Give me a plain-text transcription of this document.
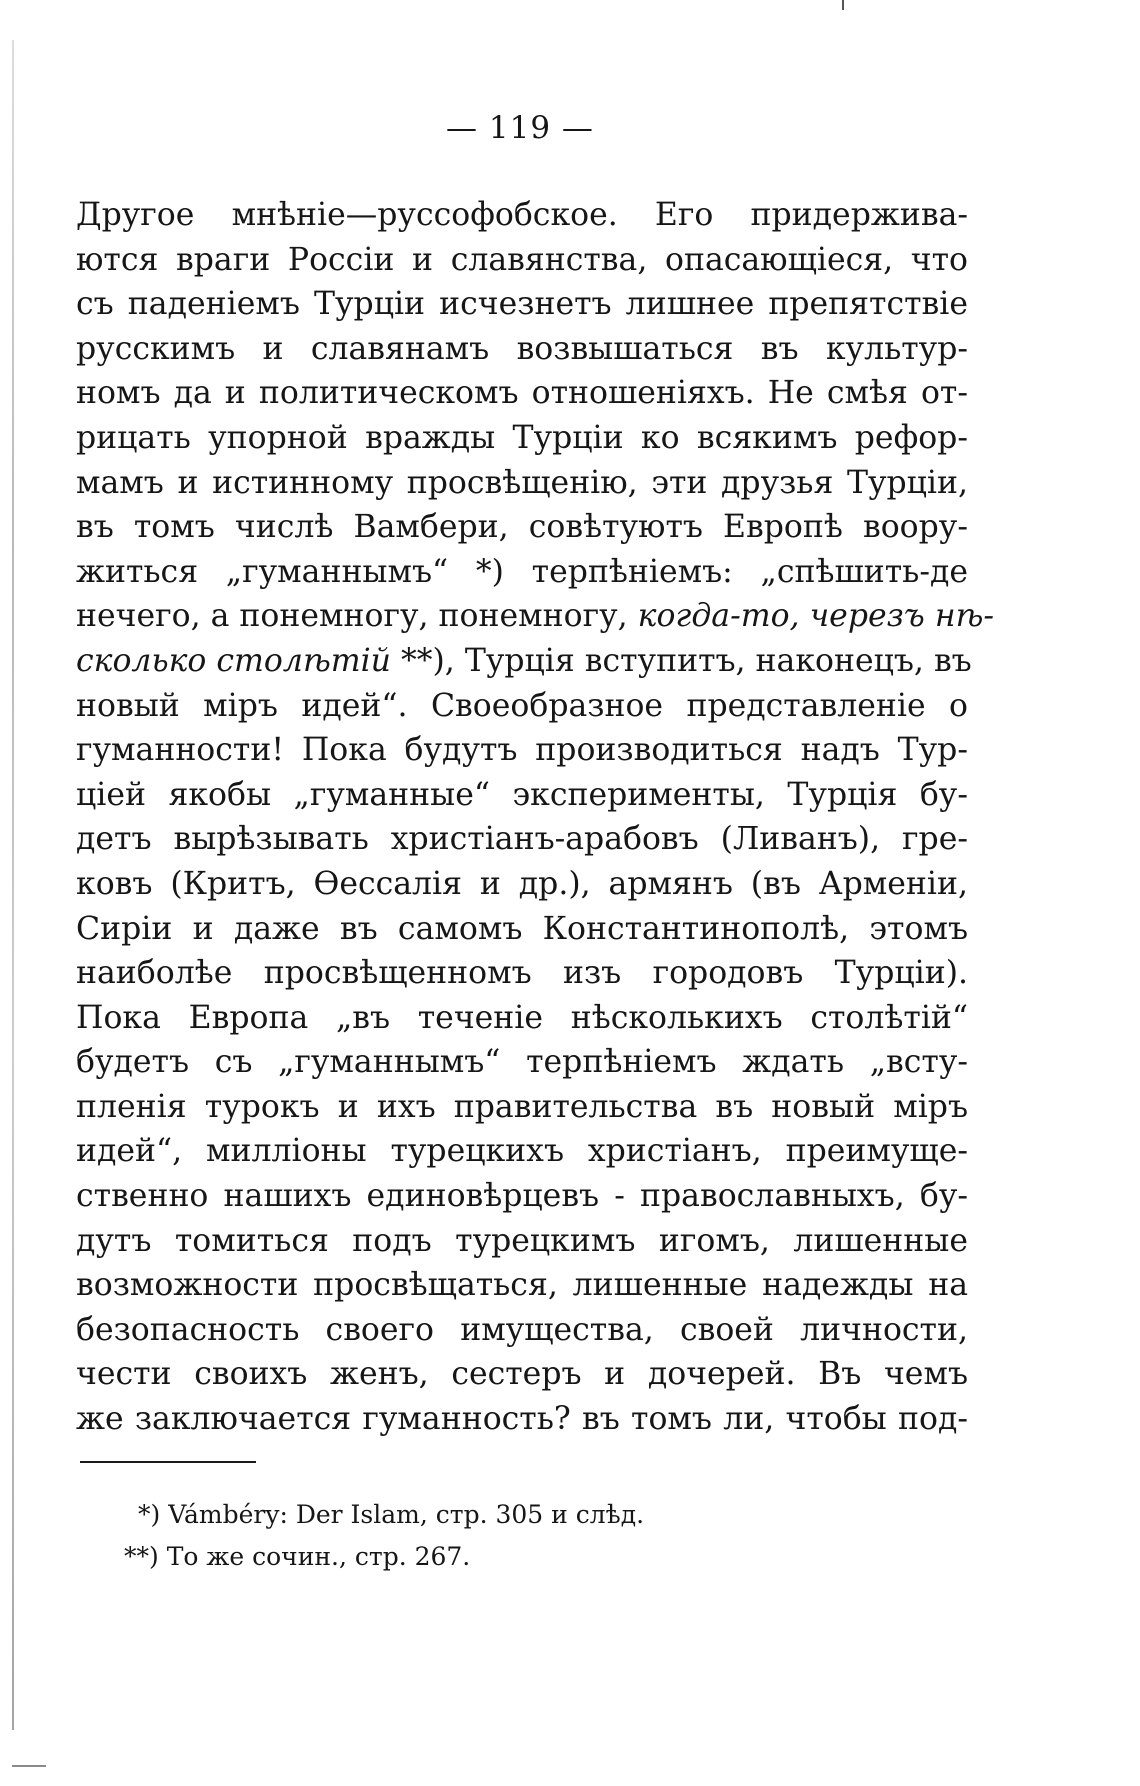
— 119 —
Другое мнѣніе—руссофобское. Его придержива-
ются враги Россіи и славянства, опасающіеся, что
съ паденіемъ Турціи исчезнетъ лишнее препятствіе
русскимъ и славянамъ возвышаться въ культур-
номъ да и политическомъ отношеніяхъ. Не смѣя от-
рицать упорной вражды Турціи ко всякимъ рефор-
мамъ и истинному просвѣщенію, эти друзья Турціи,
въ томъ числѣ Вамбери, совѣтуютъ Европѣ воору-
житься „гуманнымъ“ *) терпѣніемъ: „спѣшить-де
нечего, а понемногу, понемногу, когда-то, черезъ нѣ-
сколько столѣтій **), Турція вступитъ, наконецъ, въ
новый міръ идей“. Своеобразное представленіе о
гуманности! Пока будутъ производиться надъ Тур-
ціей якобы „гуманные“ эксперименты, Турція бу-
детъ вырѣзывать христіанъ-арабовъ (Ливанъ), гре-
ковъ (Критъ, Ѳессалія и др.), армянъ (въ Арменіи,
Сиріи и даже въ самомъ Константинополѣ, этомъ
наиболѣе просвѣщенномъ изъ городовъ Турціи).
Пока Европа „въ теченіе нѣсколькихъ столѣтій“
будетъ съ „гуманнымъ“ терпѣніемъ ждать „всту-
пленія турокъ и ихъ правительства въ новый міръ
идей“, милліоны турецкихъ христіанъ, преимуще-
ственно нашихъ единовѣрцевъ - православныхъ, бу-
дутъ томиться подъ турецкимъ игомъ, лишенные
возможности просвѣщаться, лишенные надежды на
безопасность своего имущества, своей личности,
чести своихъ женъ, сестеръ и дочерей. Въ чемъ
же заключается гуманность? въ томъ ли, чтобы под-
*) Vámbéry: Der Islam, стр. 305 и слѣд.
**) То же сочин., стр. 267.
